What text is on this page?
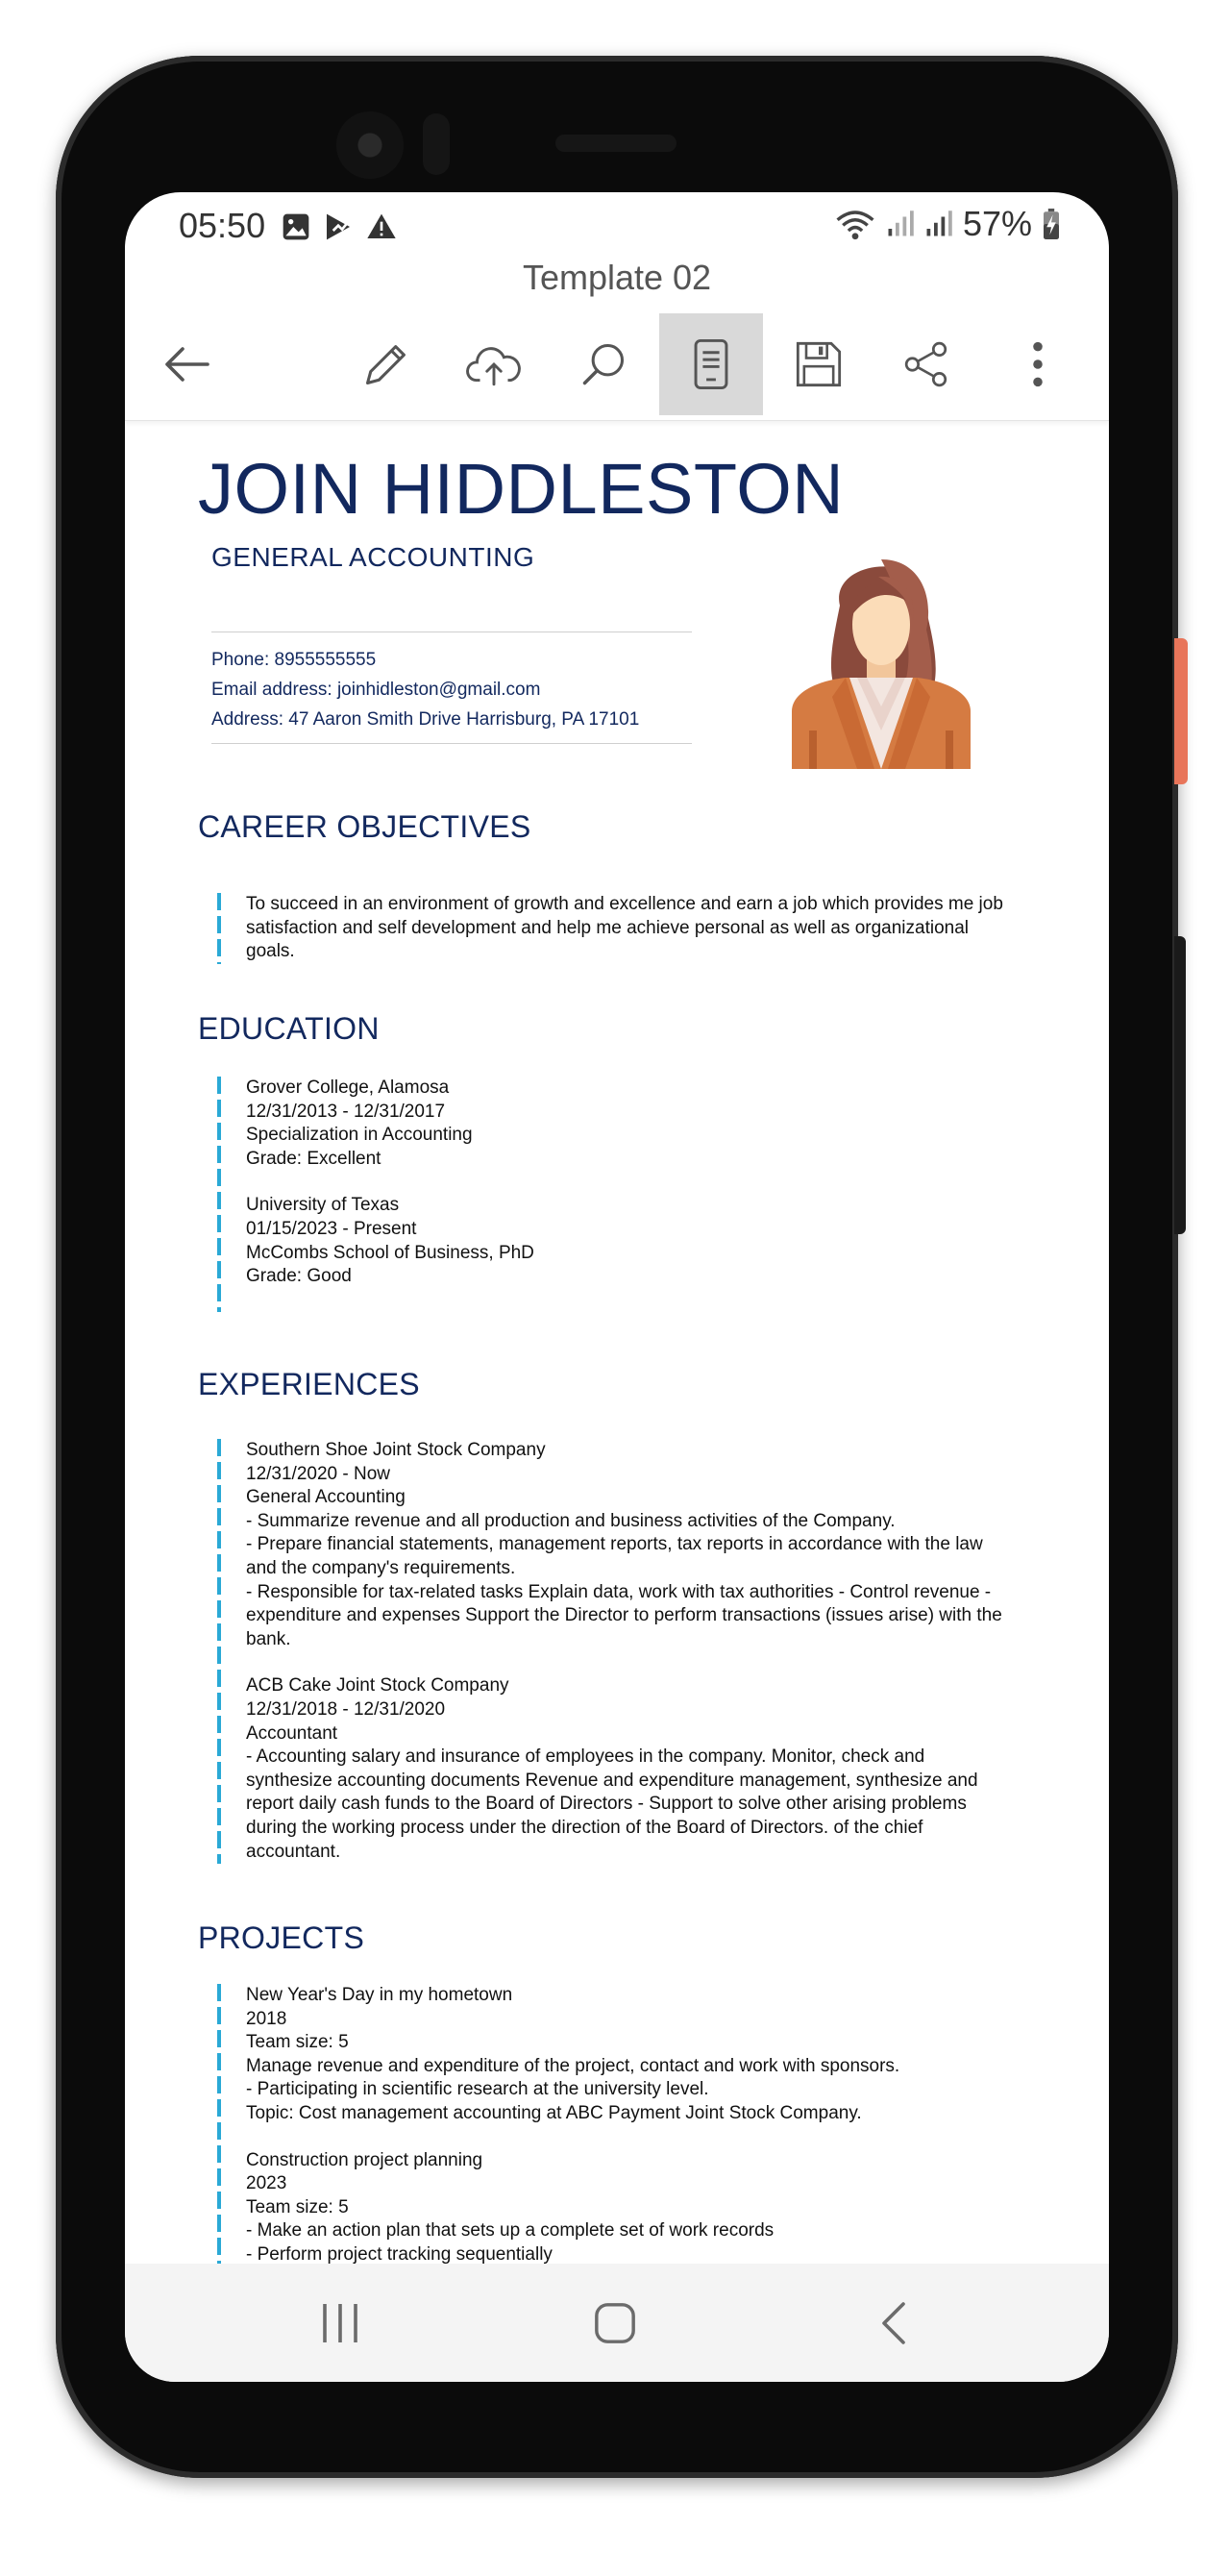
05:50	57%
Template 02
JOIN HIDDLESTON
GENERAL ACCOUNTING
Phone: 8955555555
Email address: joinhidleston@gmail.com
Address: 47 Aaron Smith Drive Harrisburg, PA 17101
CAREER OBJECTIVES
To succeed in an environment of growth and excellence and earn a job which provides me job
satisfaction and self development and help me achieve personal as well as organizational
goals.
EDUCATION
Grover College, Alamosa
12/31/2013 - 12/31/2017
Specialization in Accounting
Grade: Excellent
University of Texas
01/15/2023 - Present
McCombs School of Business, PhD
Grade: Good
EXPERIENCES
Southern Shoe Joint Stock Company
12/31/2020 - Now
General Accounting
- Summarize revenue and all production and business activities of the Company.
- Prepare financial statements, management reports, tax reports in accordance with the law
and the company's requirements.
- Responsible for tax-related tasks Explain data, work with tax authorities - Control revenue -
expenditure and expenses Support the Director to perform transactions (issues arise) with the
bank.
ACB Cake Joint Stock Company
12/31/2018 - 12/31/2020
Accountant
- Accounting salary and insurance of employees in the company. Monitor, check and
synthesize accounting documents Revenue and expenditure management, synthesize and
report daily cash funds to the Board of Directors - Support to solve other arising problems
during the working process under the direction of the Board of Directors. of the chief
accountant.
PROJECTS
New Year's Day in my hometown
2018
Team size: 5
Manage revenue and expenditure of the project, contact and work with sponsors.
- Participating in scientific research at the university level.
Topic: Cost management accounting at ABC Payment Joint Stock Company.
Construction project planning
2023
Team size: 5
- Make an action plan that sets up a complete set of work records
- Perform project tracking sequentially
